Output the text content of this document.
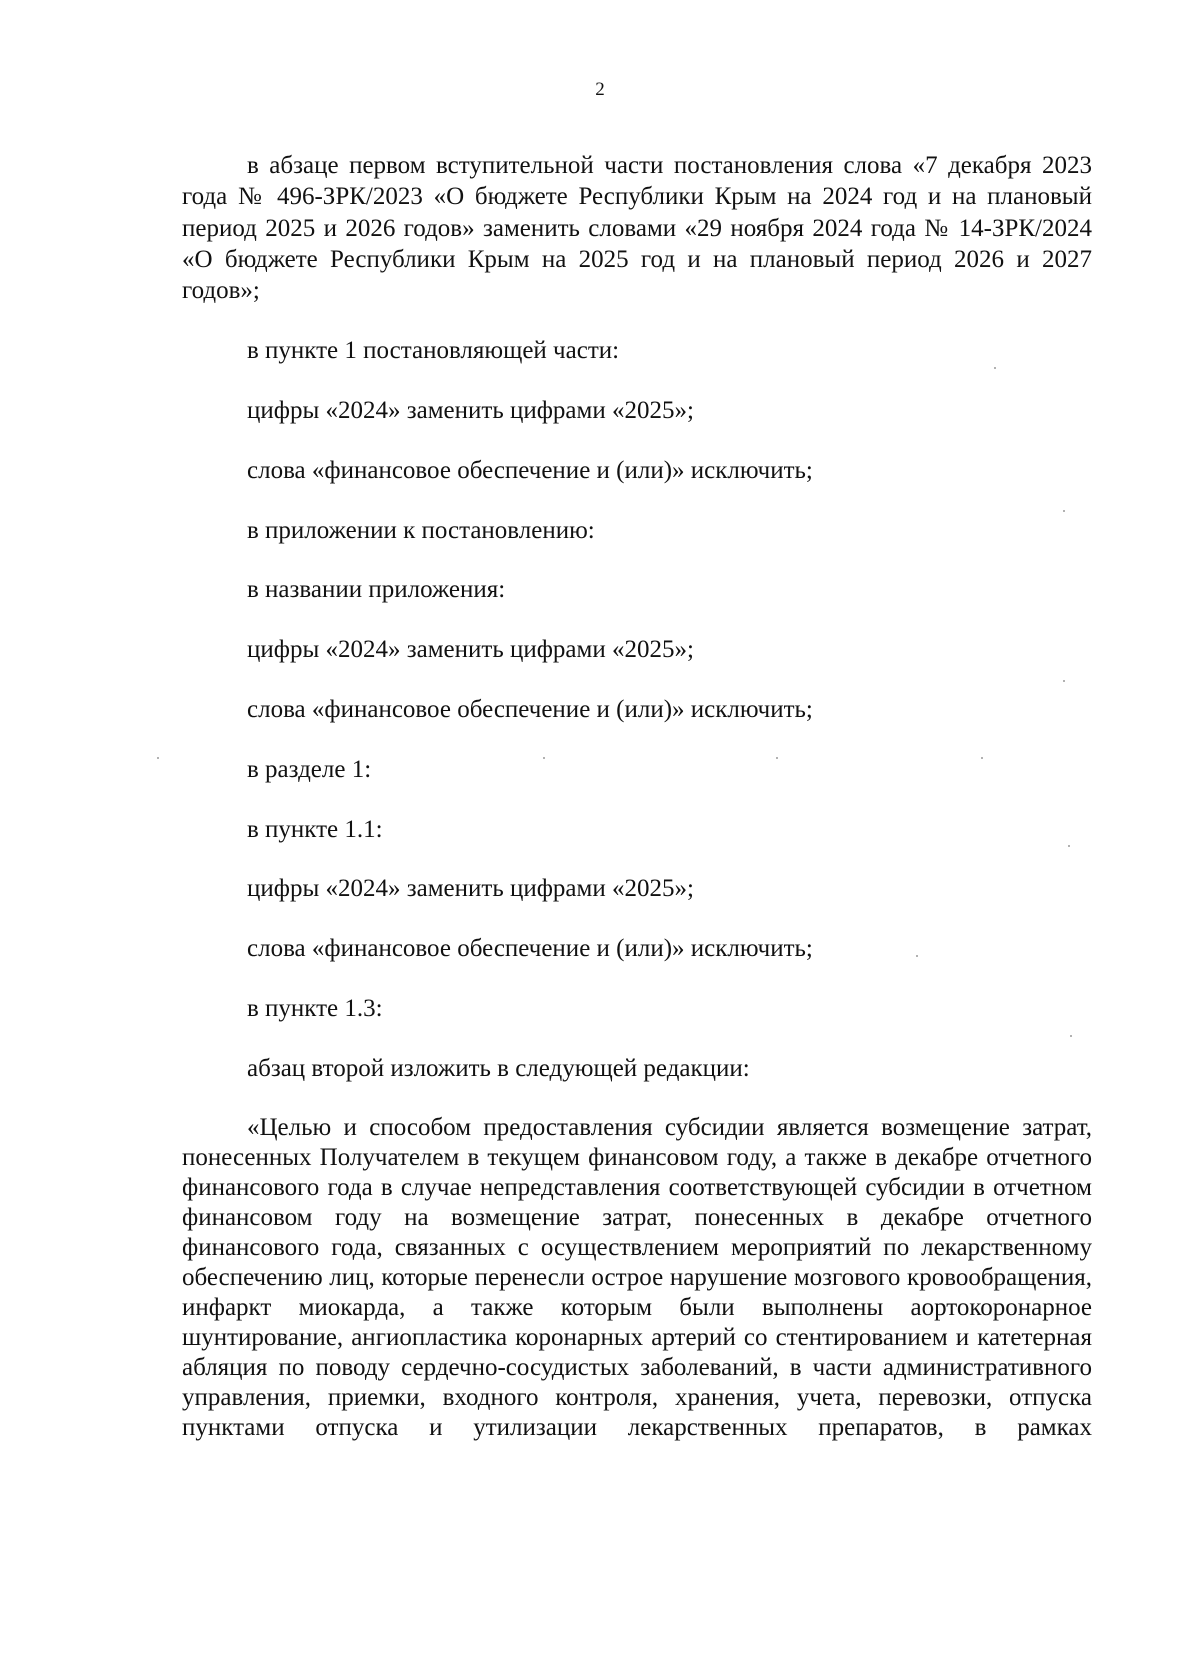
2

в абзаце первом вступительной части постановления слова «7 декабря 2023 года № 496-ЗРК/2023 «О бюджете Республики Крым на 2024 год и на плановый период 2025 и 2026 годов» заменить словами «29 ноября 2024 года № 14-ЗРК/2024 «О бюджете Республики Крым на 2025 год и на плановый период 2026 и 2027 годов»;

в пункте 1 постановляющей части:

цифры «2024» заменить цифрами «2025»;

слова «финансовое обеспечение и (или)» исключить;

в приложении к постановлению:

в названии приложения:

цифры «2024» заменить цифрами «2025»;

слова «финансовое обеспечение и (или)» исключить;

в разделе 1:

в пункте 1.1:

цифры «2024» заменить цифрами «2025»;

слова «финансовое обеспечение и (или)» исключить;

в пункте 1.3:

абзац второй изложить в следующей редакции:

«Целью и способом предоставления субсидии является возмещение затрат, понесенных Получателем в текущем финансовом году, а также в декабре отчетного финансового года в случае непредставления соответствующей субсидии в отчетном финансовом году на возмещение затрат, понесенных в декабре отчетного финансового года, связанных с осуществлением мероприятий по лекарственному обеспечению лиц, которые перенесли острое нарушение мозгового кровообращения, инфаркт миокарда, а также которым были выполнены аортокоронарное шунтирование, ангиопластика коронарных артерий со стентированием и катетерная абляция по поводу сердечно-сосудистых заболеваний, в части административного управления, приемки, входного контроля, хранения, учета, перевозки, отпуска пунктами отпуска и утилизации лекарственных препаратов, в рамках
